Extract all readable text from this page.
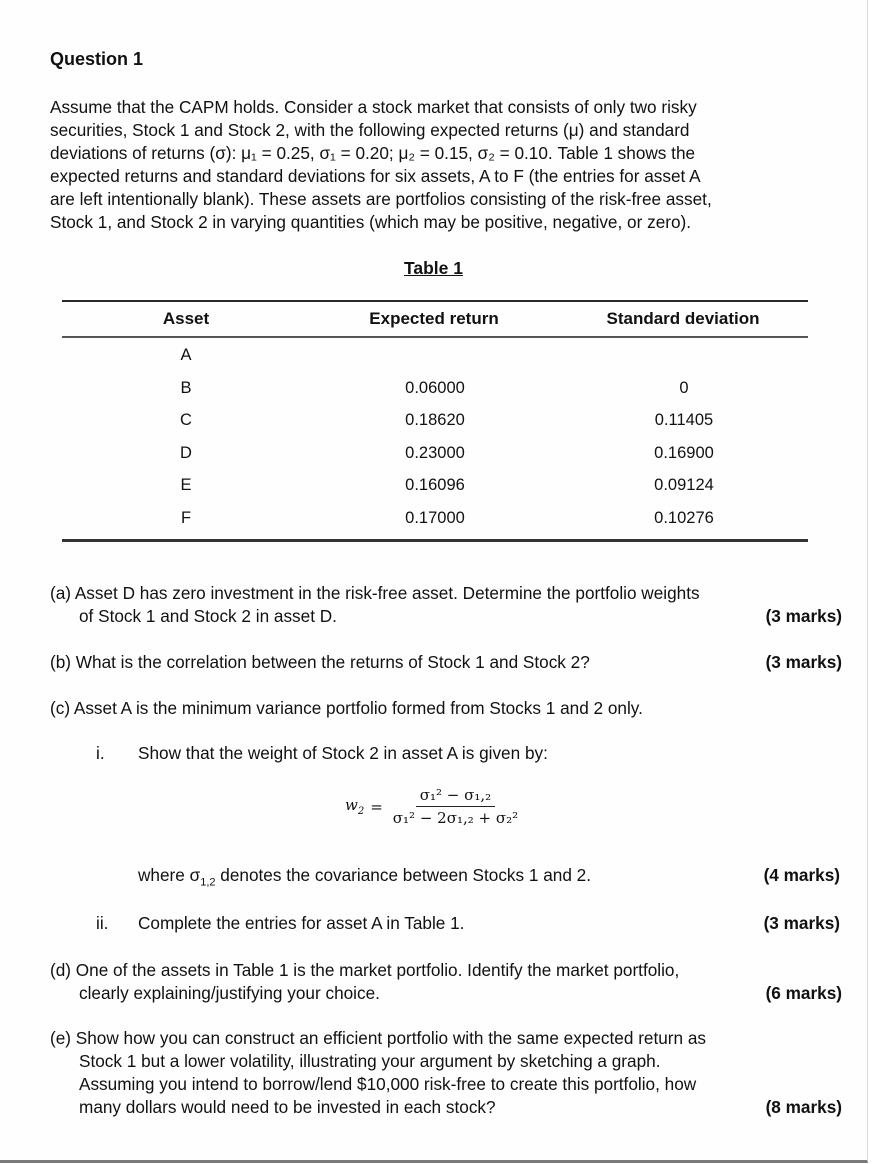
Question 1
Assume that the CAPM holds. Consider a stock market that consists of only two risky
securities, Stock 1 and Stock 2, with the following expected returns (μ) and standard
deviations of returns (σ): μ₁ = 0.25, σ₁ = 0.20; μ₂ = 0.15, σ₂ = 0.10. Table 1 shows the
expected returns and standard deviations for six assets, A to F (the entries for asset A
are left intentionally blank). These assets are portfolios consisting of the risk-free asset,
Stock 1, and Stock 2 in varying quantities (which may be positive, negative, or zero).
Table 1
Asset	Expected return	Standard deviation
A
B	0.06000	0
C	0.18620	0.11405
D	0.23000	0.16900
E	0.16096	0.09124
F	0.17000	0.10276
(a) Asset D has zero investment in the risk-free asset. Determine the portfolio weights
of Stock 1 and Stock 2 in asset D.	(3 marks)
(b) What is the correlation between the returns of Stock 1 and Stock 2?	(3 marks)
(c) Asset A is the minimum variance portfolio formed from Stocks 1 and 2 only.
i. Show that the weight of Stock 2 in asset A is given by:
$w_2 = \frac{\text{σ₁² − σ₁,₂}}{\text{σ₁² − 2σ₁,₂ + σ₂²}}$
where $\sigma_{1,2}$ denotes the covariance between Stocks 1 and 2.	(4 marks)
ii. Complete the entries for asset A in Table 1.	(3 marks)
(d) One of the assets in Table 1 is the market portfolio. Identify the market portfolio,
clearly explaining/justifying your choice.	(6 marks)
(e) Show how you can construct an efficient portfolio with the same expected return as
Stock 1 but a lower volatility, illustrating your argument by sketching a graph.
Assuming you intend to borrow/lend $10,000 risk-free to create this portfolio, how
many dollars would need to be invested in each stock?	(8 marks)
